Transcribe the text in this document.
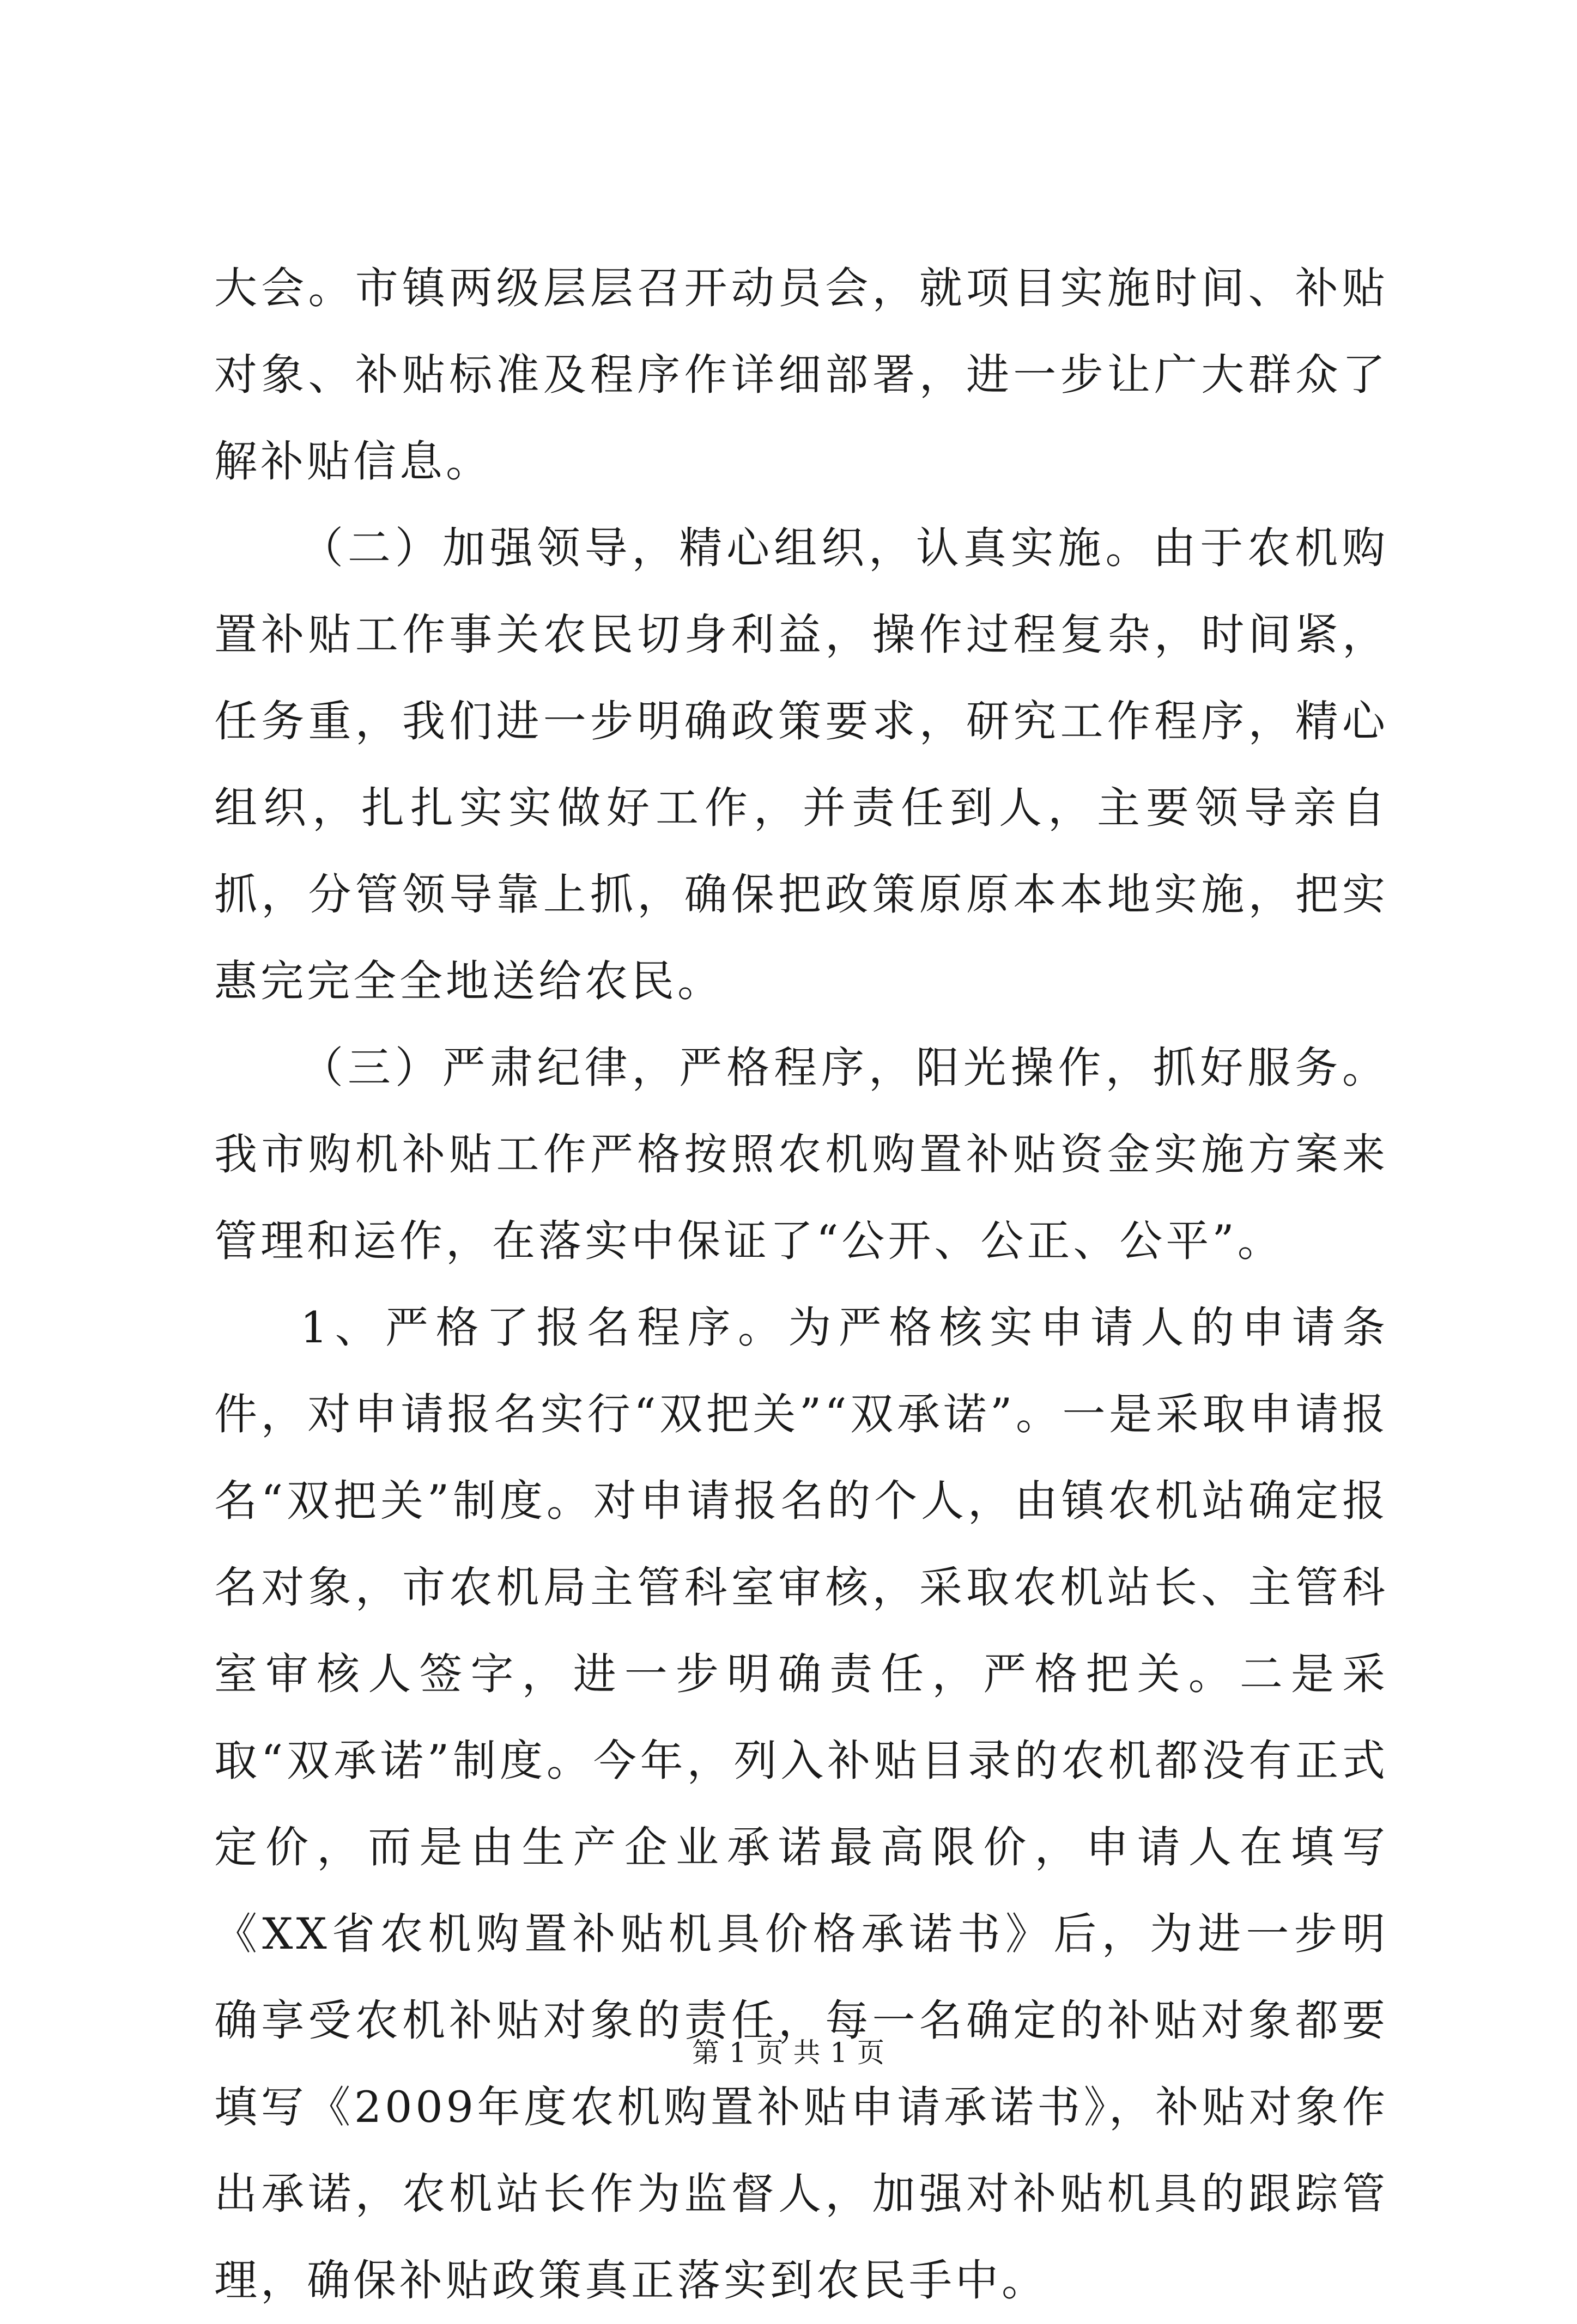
大会。市镇两级层层召开动员会，就项目实施时间、补贴对象、补贴标准及程序作详细部署，进一步让广大群众了解补贴信息。

（二）加强领导，精心组织，认真实施。由于农机购置补贴工作事关农民切身利益，操作过程复杂，时间紧，任务重，我们进一步明确政策要求，研究工作程序，精心组织，扎扎实实做好工作，并责任到人，主要领导亲自抓，分管领导靠上抓，确保把政策原原本本地实施，把实惠完完全全地送给农民。

（三）严肃纪律，严格程序，阳光操作，抓好服务。我市购机补贴工作严格按照农机购置补贴资金实施方案来管理和运作，在落实中保证了“公开、公正、公平”。

1、严格了报名程序。为严格核实申请人的申请条件，对申请报名实行“双把关”“双承诺”。一是采取申请报名“双把关”制度。对申请报名的个人，由镇农机站确定报名对象，市农机局主管科室审核，采取农机站长、主管科室审核人签字，进一步明确责任，严格把关。二是采取“双承诺”制度。今年，列入补贴目录的农机都没有正式定价，而是由生产企业承诺最高限价，申请人在填写《XX省农机购置补贴机具价格承诺书》后，为进一步明确享受农机补贴对象的责任，每一名确定的补贴对象都要填写《2009年度农机购置补贴申请承诺书》，补贴对象作出承诺，农机站长作为监督人，加强对补贴机具的跟踪管理，确保补贴政策真正落实到农民手中。

第 1 页 共 1 页
